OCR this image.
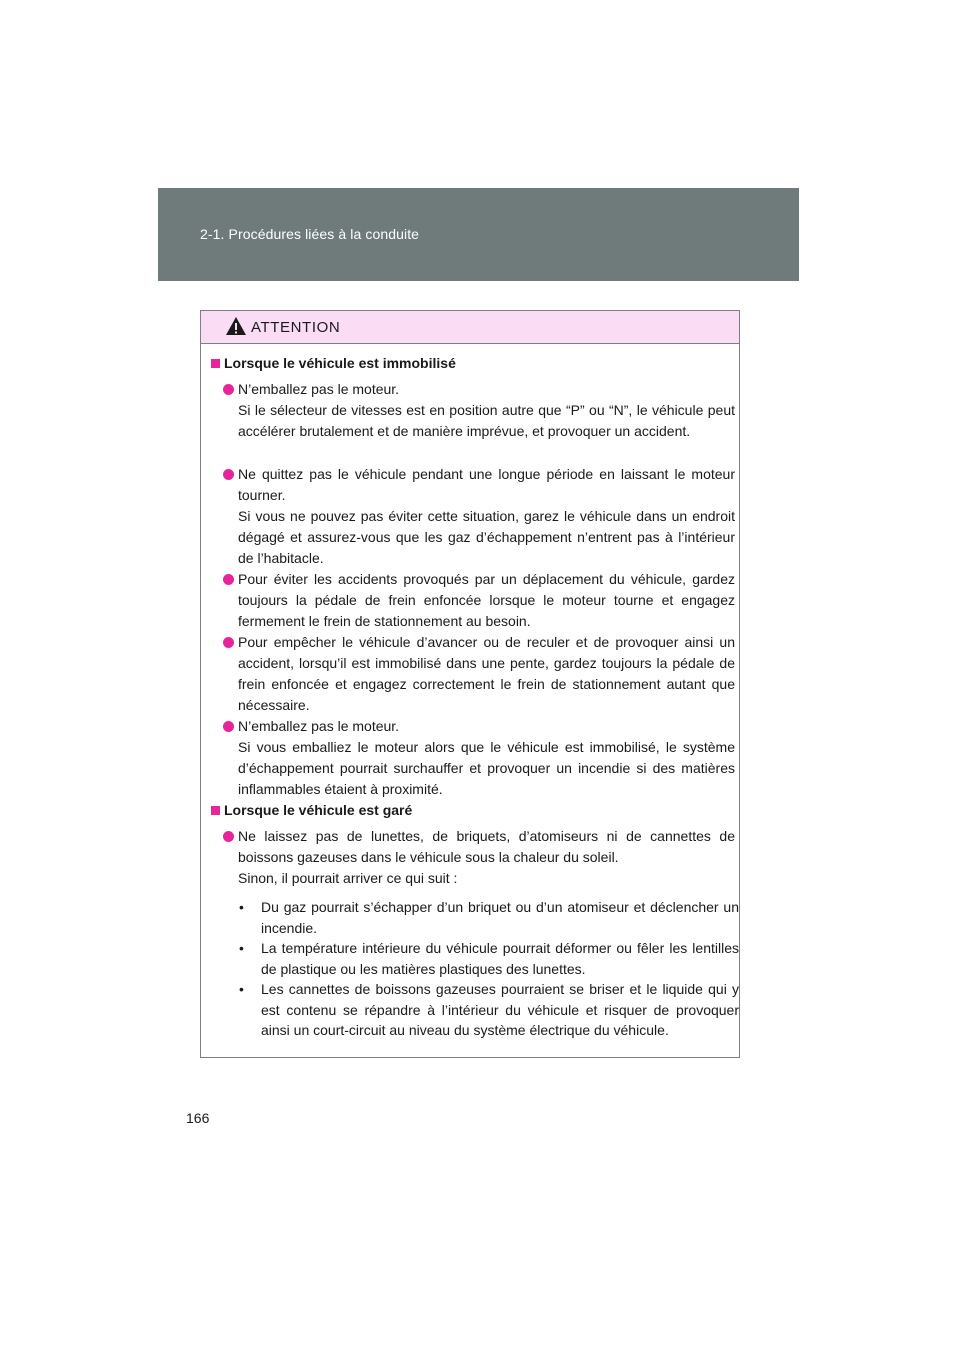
2-1. Procédures liées à la conduite
ATTENTION
Lorsque le véhicule est immobilisé

N’emballez pas le moteur.

Si le sélecteur de vitesses est en position autre que “P” ou “N”, le véhicule peut accélérer brutalement et de manière imprévue, et provoquer un accident.

Ne quittez pas le véhicule pendant une longue période en laissant le moteur tourner.

Si vous ne pouvez pas éviter cette situation, garez le véhicule dans un endroit dégagé et assurez-vous que les gaz d’échappement n’entrent pas à l’intérieur de l’habitacle.

Pour éviter les accidents provoqués par un déplacement du véhicule, gardez toujours la pédale de frein enfoncée lorsque le moteur tourne et engagez fermement le frein de stationnement au besoin.

Pour empêcher le véhicule d’avancer ou de reculer et de provoquer ainsi un accident, lorsqu’il est immobilisé dans une pente, gardez toujours la pédale de frein enfoncée et engagez correctement le frein de stationnement autant que nécessaire.

N’emballez pas le moteur.

Si vous emballiez le moteur alors que le véhicule est immobilisé, le système d’échappement pourrait surchauffer et provoquer un incendie si des matières inflammables étaient à proximité.

Lorsque le véhicule est garé

Ne laissez pas de lunettes, de briquets, d’atomiseurs ni de cannettes de boissons gazeuses dans le véhicule sous la chaleur du soleil.

Sinon, il pourrait arriver ce qui suit :

• Du gaz pourrait s’échapper d’un briquet ou d’un atomiseur et déclencher un incendie.

• La température intérieure du véhicule pourrait déformer ou fêler les lentilles de plastique ou les matières plastiques des lunettes.

• Les cannettes de boissons gazeuses pourraient se briser et le liquide qui y est contenu se répandre à l’intérieur du véhicule et risquer de provoquer ainsi un court-circuit au niveau du système électrique du véhicule.

166
